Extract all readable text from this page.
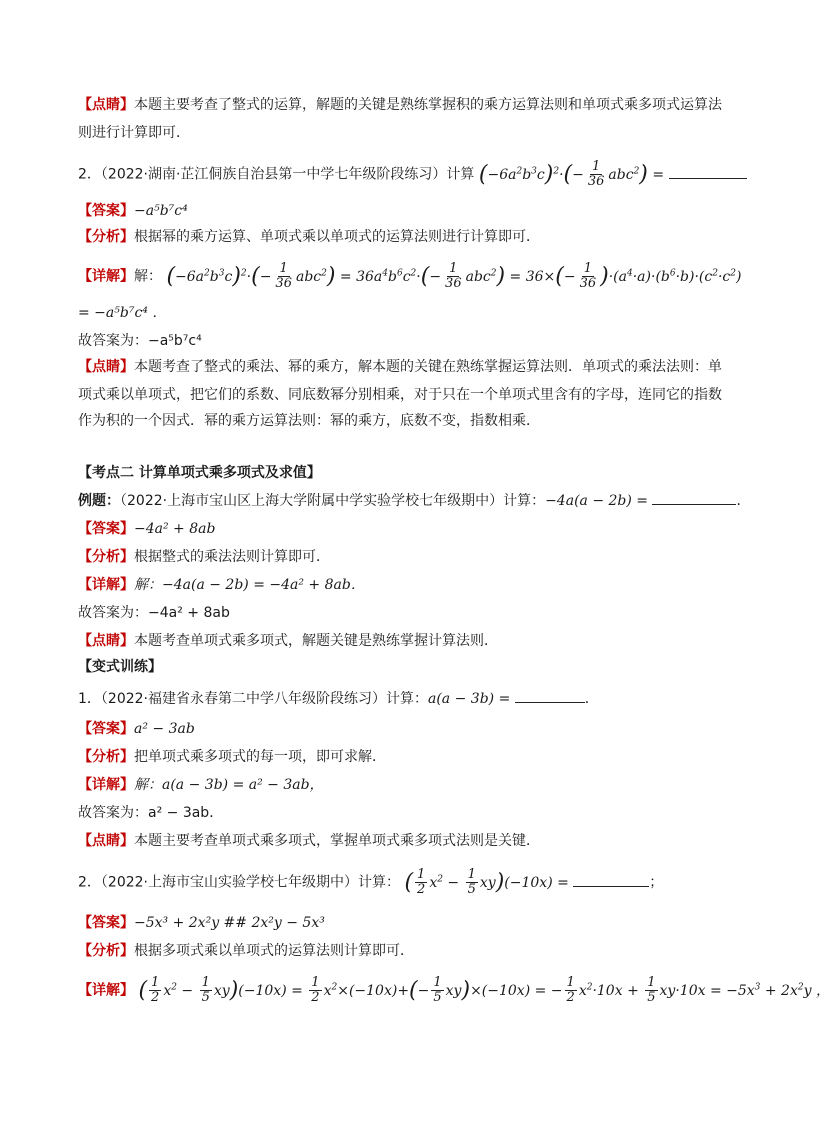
【点睛】本题主要考查了整式的运算，解题的关键是熟练掌握积的乘方运算法则和单项式乘多项式运算法
则进行计算即可．
2．（2022·湖南·芷江侗族自治县第一中学七年级阶段练习）计算 $(-6a^2b^3c)^2\cdot(- \frac{1}{36} abc^2)$ =
【答案】−a⁵b⁷c⁴
【分析】根据幂的乘方运算、单项式乘以单项式的运算法则进行计算即可．
【详解】解： $(-6a^2b^3c)^2\cdot(- \frac{1}{36} abc^2) = 36a^4b^6c^2\cdot(- \frac{1}{36} abc^2) = 36\times(- \frac{1}{36} )\cdot(a^4\cdot a)\cdot(b^6\cdot b)\cdot(c^2\cdot c^2)$
= −a⁵b⁷c⁴ ．
故答案为：−a⁵b⁷c⁴
【点睛】本题考查了整式的乘法、幂的乘方，解本题的关键在熟练掌握运算法则．单项式的乘法法则：单
项式乘以单项式，把它们的系数、同底数幂分别相乘，对于只在一个单项式里含有的字母，连同它的指数
作为积的一个因式．幂的乘方运算法则：幂的乘方，底数不变，指数相乘．
【考点二 计算单项式乘多项式及求值】
例题：（2022·上海市宝山区上海大学附属中学实验学校七年级期中）计算：−4a(a − 2b) =	．
【答案】−4a² + 8ab
【分析】根据整式的乘法法则计算即可．
【详解】解：−4a(a − 2b) = −4a² + 8ab．
故答案为：−4a² + 8ab
【点睛】本题考查单项式乘多项式，解题关键是熟练掌握计算法则．
【变式训练】
1．（2022·福建省永春第二中学八年级阶段练习）计算：a(a − 3b) =	．
【答案】a² − 3ab
【分析】把单项式乘多项式的每一项，即可求解．
【详解】解：a(a − 3b) = a² − 3ab，
故答案为：a² − 3ab．
【点睛】本题主要考查单项式乘多项式，掌握单项式乘多项式法则是关键．
2．（2022·上海市宝山实验学校七年级期中）计算： ( $\frac{1}{2} x^2 - \frac{1}{5} xy)(-10x)$ =	；
【答案】−5x³ + 2x²y ## 2x²y − 5x³
【分析】根据多项式乘以单项式的运算法则计算即可．
【详解】 ( $\frac{1}{2} x^2 - \frac{1}{5} xy)(-10x) = \frac{1}{2} x^2\times(-10x)+(- \frac{1}{5} xy)\times(-10x)$ = − $\frac{1}{2} x^2\cdot 10x + \frac{1}{5} xy\cdot 10x = -5x^3 + 2x^2y$ ，
